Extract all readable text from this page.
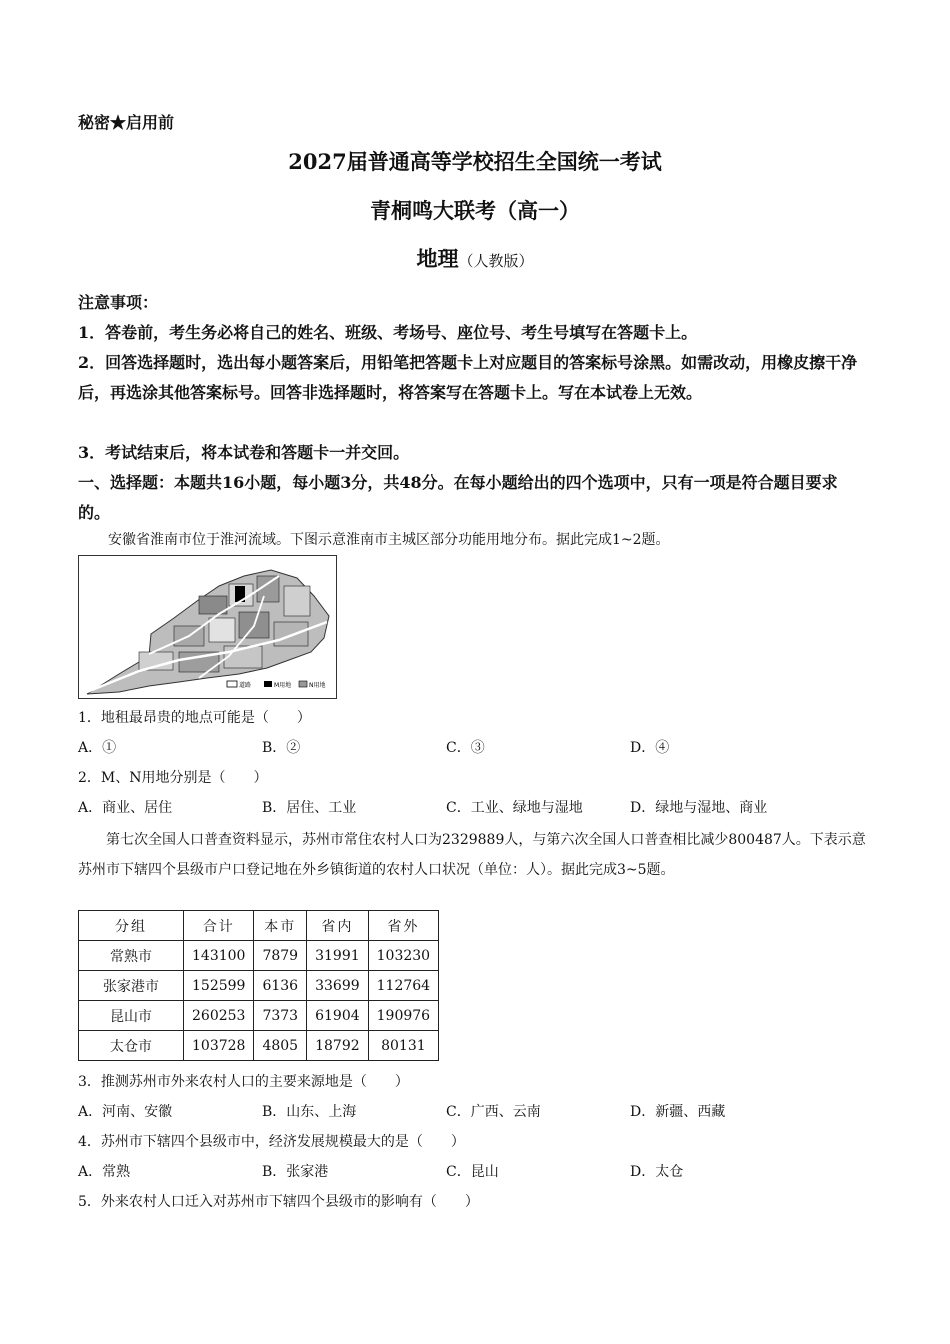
秘密★启用前
2027届普通高等学校招生全国统一考试
青桐鸣大联考（高一）
地理（人教版）
注意事项：
1．答卷前，考生务必将自己的姓名、班级、考场号、座位号、考生号填写在答题卡上。
2．回答选择题时，选出每小题答案后，用铅笔把答题卡上对应题目的答案标号涂黑。如需改动，用橡皮擦干净后，再选涂其他答案标号。回答非选择题时，将答案写在答题卡上。写在本试卷上无效。
3．考试结束后，将本试卷和答题卡一并交回。
一、选择题：本题共16小题，每小题3分，共48分。在每小题给出的四个选项中，只有一项是符合题目要求的。
安徽省淮南市位于淮河流域。下图示意淮南市主城区部分功能用地分布。据此完成1~2题。
道路	M用地	N用地
1．地租最昂贵的地点可能是（　　）
A．①	B．②	C．③	D．④
2．M、N用地分别是（　　）
A．商业、居住	B．居住、工业	C．工业、绿地与湿地	D．绿地与湿地、商业
第七次全国人口普查资料显示，苏州市常住农村人口为2329889人，与第六次全国人口普查相比减少800487人。下表示意苏州市下辖四个县级市户口登记地在外乡镇街道的农村人口状况（单位：人）。据此完成3~5题。
分组	合计	本市	省内	省外
常熟市	143100	7879	31991	103230
张家港市	152599	6136	33699	112764
昆山市	260253	7373	61904	190976
太仓市	103728	4805	18792	80131
3．推测苏州市外来农村人口的主要来源地是（　　）
A．河南、安徽	B．山东、上海	C．广西、云南	D．新疆、西藏
4．苏州市下辖四个县级市中，经济发展规模最大的是（　　）
A．常熟	B．张家港	C．昆山	D．太仓
5．外来农村人口迁入对苏州市下辖四个县级市的影响有（　　）
